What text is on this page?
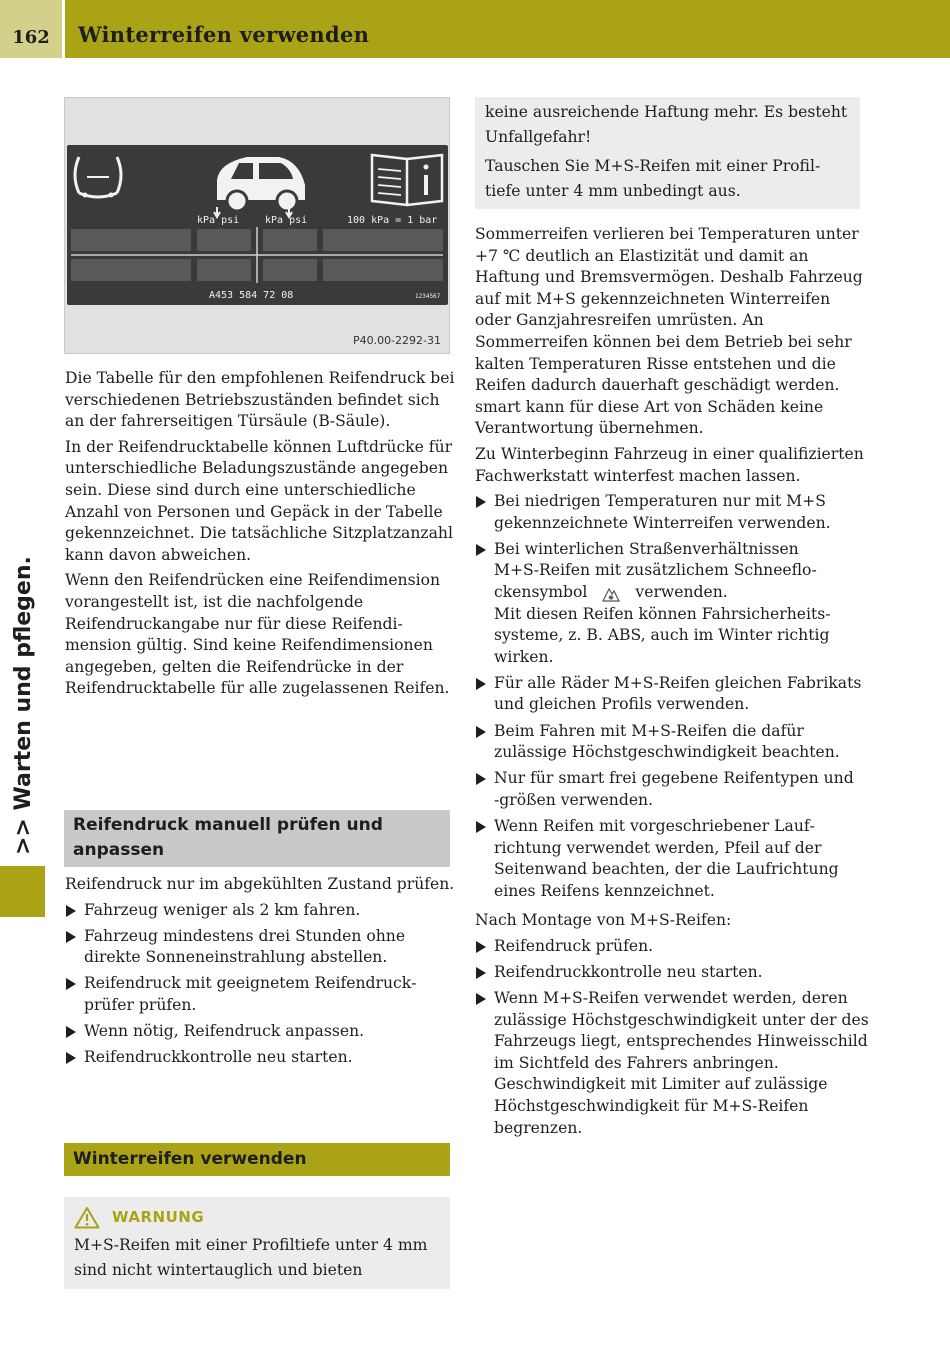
162	Winterreifen verwenden
>> Warten und pflegen.
kPa psi	kPa psi	100 kPa = 1 bar
A453 584 72 08	1234567
P40.00-2292-31

Die Tabelle für den empfohlenen Reifendruck bei verschiedenen Betriebszuständen befindet sich an der fahrerseitigen Türsäule (B‑Säule).

In der Reifendrucktabelle können Luftdrücke für unterschiedliche Beladungszustände angegeben sein. Diese sind durch eine unterschiedliche Anzahl von Personen und Gepäck in der Tabelle gekennzeichnet. Die tatsächliche Sitzplatzanzahl kann davon abweichen.

Wenn den Reifendrücken eine Reifendimension vorangestellt ist, ist die nachfolgende Reifendruckangabe nur für diese Reifendimension gültig. Sind keine Reifendimensionen angegeben, gelten die Reifendrücke in der Reifendrucktabelle für alle zugelassenen Reifen.

Reifendruck manuell prüfen und anpassen

Reifendruck nur im abgekühlten Zustand prüfen.

Fahrzeug weniger als 2 km fahren.
Fahrzeug mindestens drei Stunden ohne direkte Sonneneinstrahlung abstellen.
Reifendruck mit geeignetem Reifendruckprüfer prüfen.
Wenn nötig, Reifendruck anpassen.
Reifendruckkontrolle neu starten.
Winterreifen verwenden
WARNUNG

M+S‑Reifen mit einer Profiltiefe unter 4 mm sind nicht wintertauglich und bieten

keine ausreichende Haftung mehr. Es besteht Unfallgefahr!

Tauschen Sie M+S‑Reifen mit einer Profiltiefe unter 4 mm unbedingt aus.

Sommerreifen verlieren bei Temperaturen unter +7 ℃ deutlich an Elastizität und damit an Haftung und Bremsvermögen. Deshalb Fahrzeug auf mit M+S gekennzeichneten Winterreifen oder Ganzjahresreifen umrüsten. An Sommerreifen können bei dem Betrieb bei sehr kalten Temperaturen Risse entstehen und die Reifen dadurch dauerhaft geschädigt werden. smart kann für diese Art von Schäden keine Verantwortung übernehmen.

Zu Winterbeginn Fahrzeug in einer qualifizierten Fachwerkstatt winterfest machen lassen.

Bei niedrigen Temperaturen nur mit M+S gekennzeichnete Winterreifen verwenden.
Bei winterlichen Straßenverhältnissen M+S‑Reifen mit zusätzlichem Schneeflockensymbol	verwenden.
Mit diesen Reifen können Fahrsicherheitssysteme, z. B. ABS, auch im Winter richtig wirken.
Für alle Räder M+S‑Reifen gleichen Fabrikats und gleichen Profils verwenden.
Beim Fahren mit M+S‑Reifen die dafür zulässige Höchstgeschwindigkeit beachten.
Nur für smart frei gegebene Reifentypen und ‑größen verwenden.
Wenn Reifen mit vorgeschriebener Laufrichtung verwendet werden, Pfeil auf der Seitenwand beachten, der die Laufrichtung eines Reifens kennzeichnet.

Nach Montage von M+S‑Reifen:

Reifendruck prüfen.
Reifendruckkontrolle neu starten.
Wenn M+S‑Reifen verwendet werden, deren zulässige Höchstgeschwindigkeit unter der des Fahrzeugs liegt, entsprechendes Hinweisschild im Sichtfeld des Fahrers anbringen. Geschwindigkeit mit Limiter auf zulässige Höchstgeschwindigkeit für M+S‑Reifen begrenzen.
